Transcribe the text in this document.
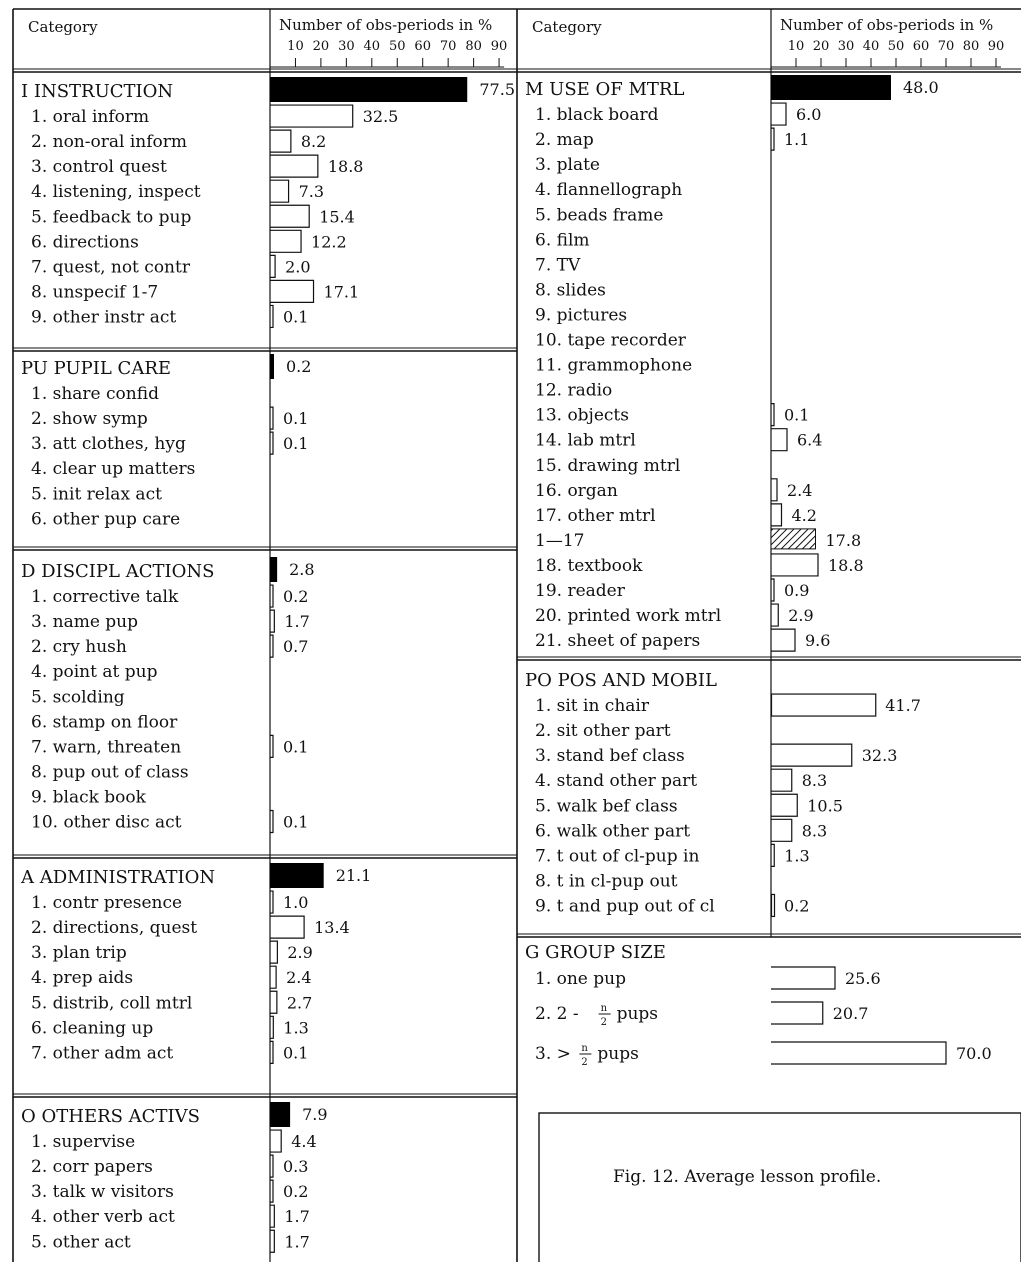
Category	Number of obs-periods in %
10 20 30 40 50 60 70 80 90
Category	Number of obs-periods in %
10 20 30 40 50 60 70 80 90
I INSTRUCTION	77.5
1. oral inform	32.5
2. non-oral inform	8.2
3. control quest	18.8
4. listening, inspect	7.3
5. feedback to pup	15.4
6. directions	12.2
7. quest, not contr	2.0
8. unspecif 1-7	17.1
9. other instr act	0.1
PU PUPIL CARE	0.2
1. share confid
2. show symp	0.1
3. att clothes, hyg	0.1
4. clear up matters
5. init relax act
6. other pup care
D DISCIPL ACTIONS	2.8
1. corrective talk	0.2
3. name pup	1.7
2. cry hush	0.7
4. point at pup
5. scolding
6. stamp on floor
7. warn, threaten	0.1
8. pup out of class
9. black book
10. other disc act	0.1
A ADMINISTRATION	21.1
1. contr presence	1.0
2. directions, quest	13.4
3. plan trip	2.9
4. prep aids	2.4
5. distrib, coll mtrl	2.7
6. cleaning up	1.3
7. other adm act	0.1
O OTHERS ACTIVS	7.9
1. supervise	4.4
2. corr papers	0.3
3. talk w visitors	0.2
4. other verb act	1.7
5. other act	1.7
M USE OF MTRL	48.0
1. black board	6.0
2. map	1.1
3. plate
4. flannellograph
5. beads frame
6. film
7. TV
8. slides
9. pictures
10. tape recorder
11. grammophone
12. radio
13. objects	0.1
14. lab mtrl	6.4
15. drawing mtrl
16. organ	2.4
17. other mtrl	4.2
1—17	17.8
18. textbook	18.8
19. reader	0.9
20. printed work mtrl	2.9
21. sheet of papers	9.6
PO POS AND MOBIL
1. sit in chair	41.7
2. sit other part
3. stand bef class	32.3
4. stand other part	8.3
5. walk bef class	10.5
6. walk other part	8.3
7. t out of cl-pup in	1.3
8. t in cl-pup out
9. t and pup out of cl	0.2
G GROUP SIZE
1. one pup	25.6
2. 2 - n
2 pups	20.7
3. > n
2 pups	70.0
Fig. 12. Average lesson profile.
